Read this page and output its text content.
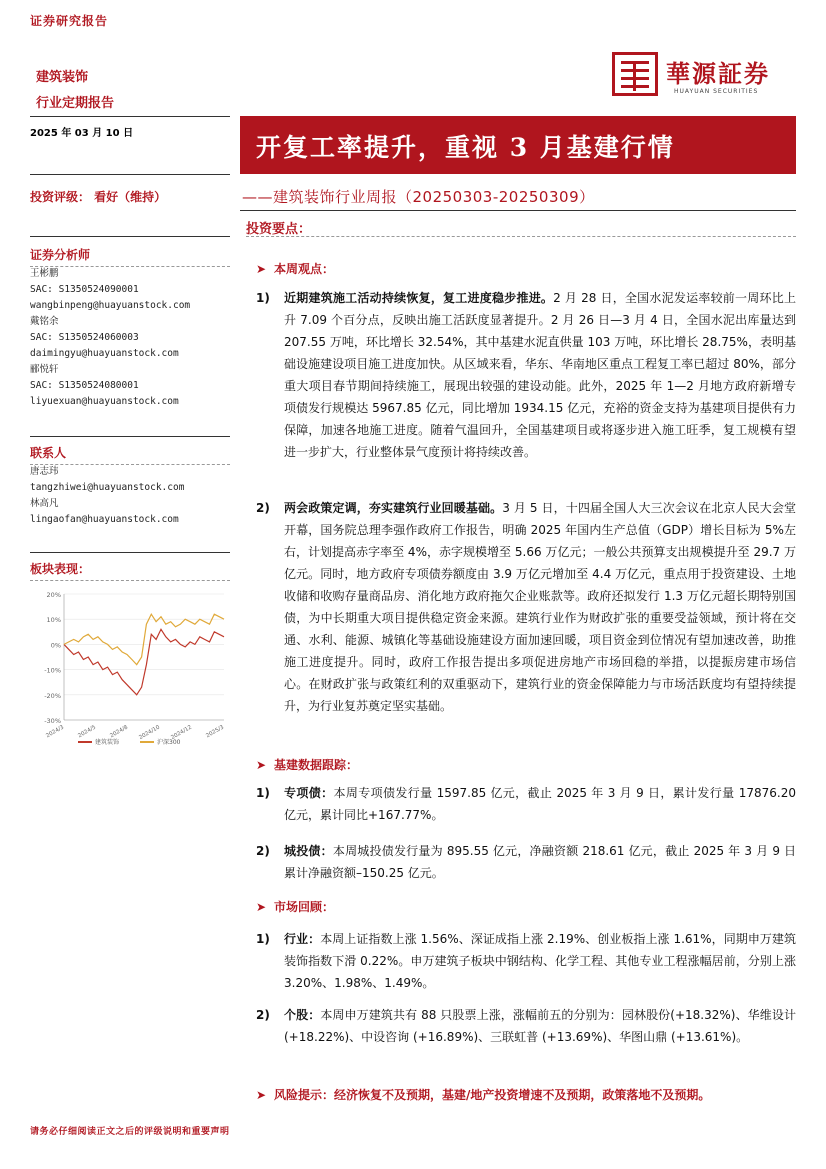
证券研究报告
建筑装饰
行业定期报告
華源証券
HUAYUAN SECURITIES
2025 年 03 月 10 日	开复工率提升，重视 3 月基建行情
——建筑装饰行业周报（20250303-20250309）
投资评级： 看好（维持）
证券分析师
王彬鹏
SAC: S1350524090001
wangbinpeng@huayuanstock.com
戴铭余
SAC: S1350524060003
daimingyu@huayuanstock.com
郦悦轩
SAC: S1350524080001
liyuexuan@huayuanstock.com
联系人
唐志玮
tangzhiwei@huayuanstock.com
林高凡
lingaofan@huayuanstock.com
板块表现：
20%
10%
0%
-10%
-20%
-30%
2024/3 2024/5 2024/8 2024/10 2024/12 2025/3
建筑装饰	沪深300
投资要点：
➤ 本周观点：
1) 近期建筑施工活动持续恢复，复工进度稳步推进。2 月 28 日，全国水泥发运率较前一周环比上升 7.09 个百分点，反映出施工活跃度显著提升。2 月 26 日—3 月 4 日，全国水泥出库量达到 207.55 万吨，环比增长 32.54%，其中基建水泥直供量 103 万吨，环比增长 28.75%，表明基础设施建设项目施工进度加快。从区域来看，华东、华南地区重点工程复工率已超过 80%，部分重大项目春节期间持续施工，展现出较强的建设动能。此外，2025 年 1—2 月地方政府新增专项债发行规模达 5967.85 亿元，同比增加 1934.15 亿元，充裕的资金支持为基建项目提供有力保障，加速各地施工进度。随着气温回升，全国基建项目或将逐步进入施工旺季，复工规模有望进一步扩大，行业整体景气度预计将持续改善。
2) 两会政策定调，夯实建筑行业回暖基础。3 月 5 日，十四届全国人大三次会议在北京人民大会堂开幕，国务院总理李强作政府工作报告，明确 2025 年国内生产总值（GDP）增长目标为 5%左右，计划提高赤字率至 4%，赤字规模增至 5.66 万亿元；一般公共预算支出规模提升至 29.7 万亿元。同时，地方政府专项债券额度由 3.9 万亿元增加至 4.4 万亿元，重点用于投资建设、土地收储和收购存量商品房、消化地方政府拖欠企业账款等。政府还拟发行 1.3 万亿元超长期特别国债，为中长期重大项目提供稳定资金来源。建筑行业作为财政扩张的重要受益领域，预计将在交通、水利、能源、城镇化等基础设施建设方面加速回暖，项目资金到位情况有望加速改善，助推施工进度提升。同时，政府工作报告提出多项促进房地产市场回稳的举措，以提振房建市场信心。在财政扩张与政策红利的双重驱动下，建筑行业的资金保障能力与市场活跃度均有望持续提升，为行业复苏奠定坚实基础。
➤ 基建数据跟踪：
1) 专项债：本周专项债发行量 1597.85 亿元，截止 2025 年 3 月 9 日，累计发行量 17876.20 亿元，累计同比+167.77%。
2) 城投债：本周城投债发行量为 895.55 亿元，净融资额 218.61 亿元，截止 2025 年 3 月 9 日累计净融资额–150.25 亿元。
➤ 市场回顾：
1) 行业：本周上证指数上涨 1.56%、深证成指上涨 2.19%、创业板指上涨 1.61%，同期申万建筑装饰指数下滑 0.22%。申万建筑子板块中钢结构、化学工程、其他专业工程涨幅居前，分别上涨 3.20%、1.98%、1.49%。
2) 个股：本周申万建筑共有 88 只股票上涨，涨幅前五的分别为：园林股份(+18.32%)、华维设计 (+18.22%)、中设咨询 (+16.89%)、三联虹普 (+13.69%)、华图山鼎 (+13.61%)。
➤ 风险提示：经济恢复不及预期，基建/地产投资增速不及预期，政策落地不及预期。
请务必仔细阅读正文之后的评级说明和重要声明
